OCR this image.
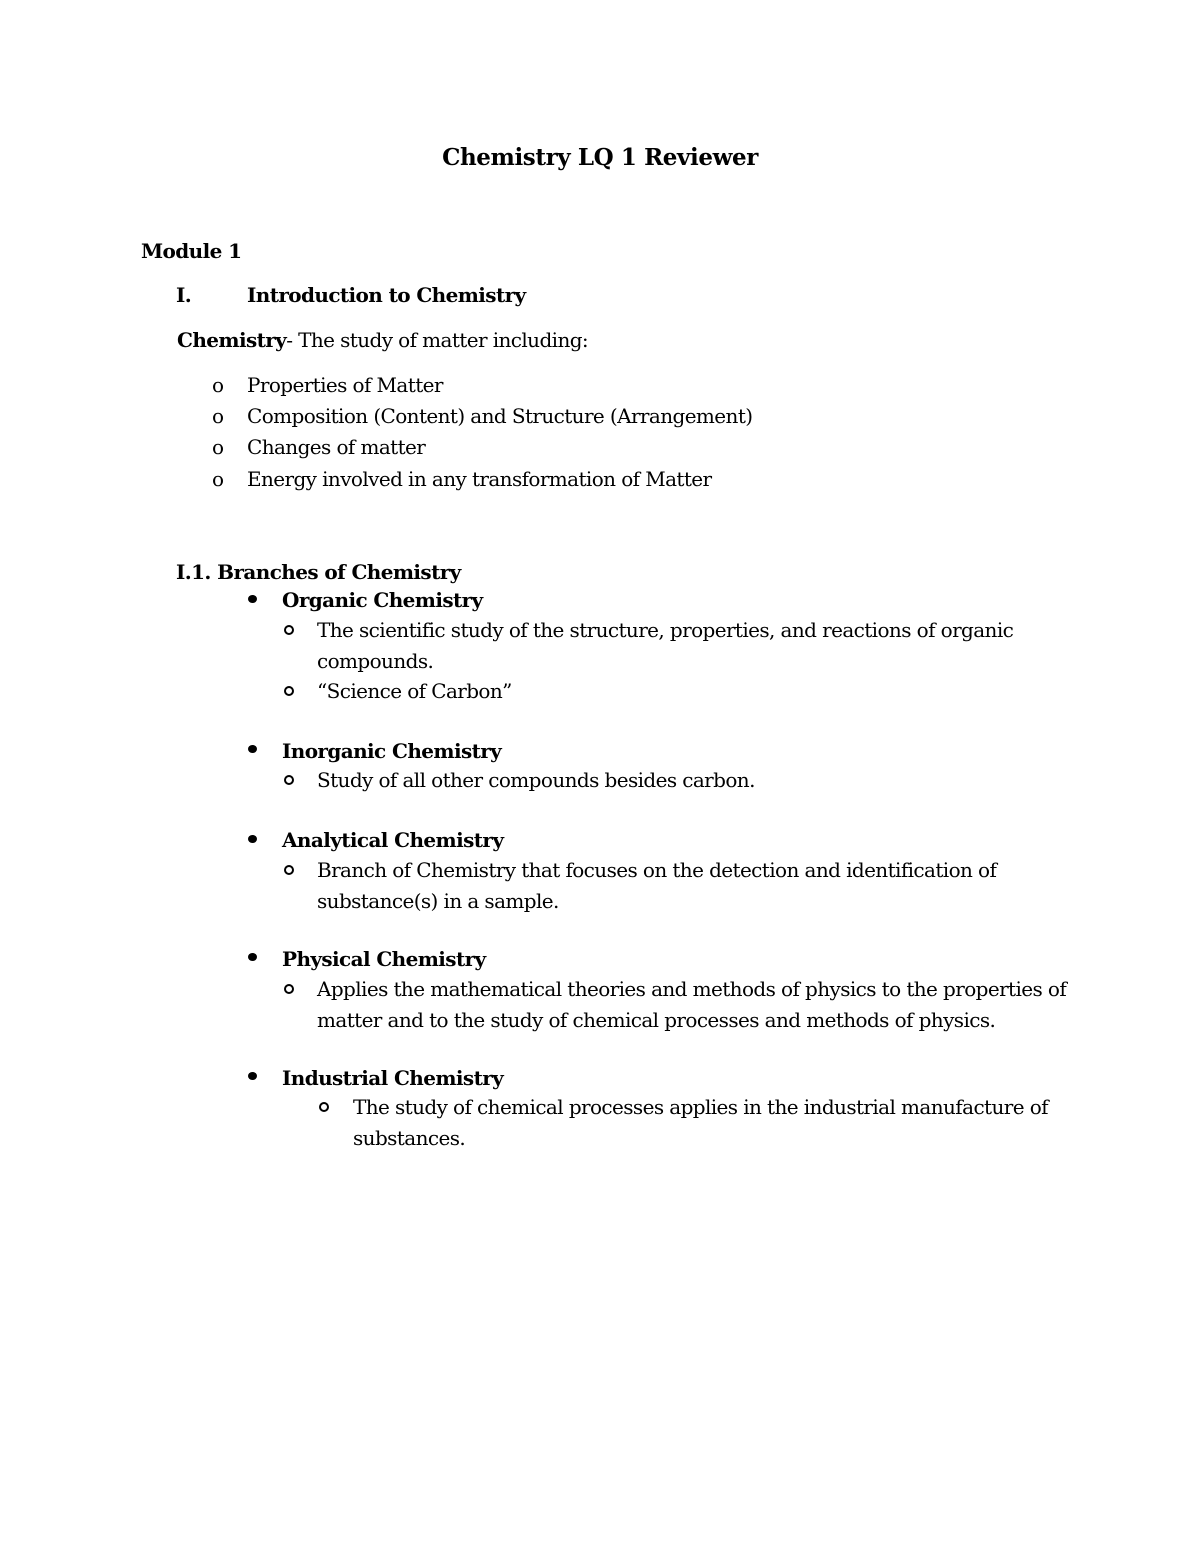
Chemistry LQ 1 Reviewer
Module 1
I.	Introduction to Chemistry
Chemistry- The study of matter including:
o Properties of Matter
o Composition (Content) and Structure (Arrangement)
o Changes of matter
o Energy involved in any transformation of Matter
I.1. Branches of Chemistry
Organic Chemistry
The scientific study of the structure, properties, and reactions of organic
compounds.
“Science of Carbon”
Inorganic Chemistry
Study of all other compounds besides carbon.
Analytical Chemistry
Branch of Chemistry that focuses on the detection and identification of
substance(s) in a sample.
Physical Chemistry
Applies the mathematical theories and methods of physics to the properties of
matter and to the study of chemical processes and methods of physics.
Industrial Chemistry
The study of chemical processes applies in the industrial manufacture of
substances.
